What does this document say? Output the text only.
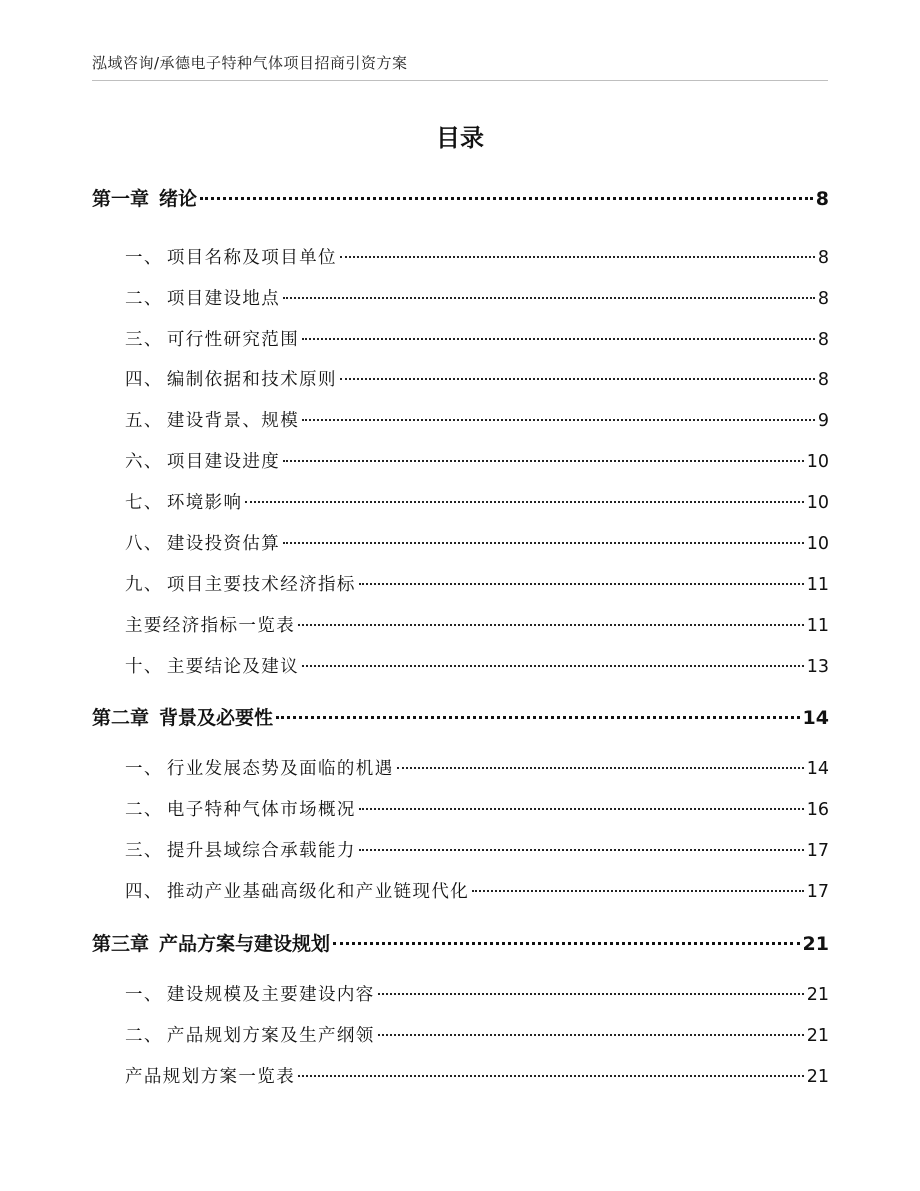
泓域咨询/承德电子特种气体项目招商引资方案
目录
第一章 绪论	8
一、 项目名称及项目单位	8
二、 项目建设地点	8
三、 可行性研究范围	8
四、 编制依据和技术原则	8
五、 建设背景、规模	9
六、 项目建设进度	10
七、 环境影响	10
八、 建设投资估算	10
九、 项目主要技术经济指标	11
主要经济指标一览表	11
十、 主要结论及建议	13
第二章 背景及必要性	14
一、 行业发展态势及面临的机遇	14
二、 电子特种气体市场概况	16
三、 提升县域综合承载能力	17
四、 推动产业基础高级化和产业链现代化	17
第三章 产品方案与建设规划	21
一、 建设规模及主要建设内容	21
二、 产品规划方案及生产纲领	21
产品规划方案一览表	21
